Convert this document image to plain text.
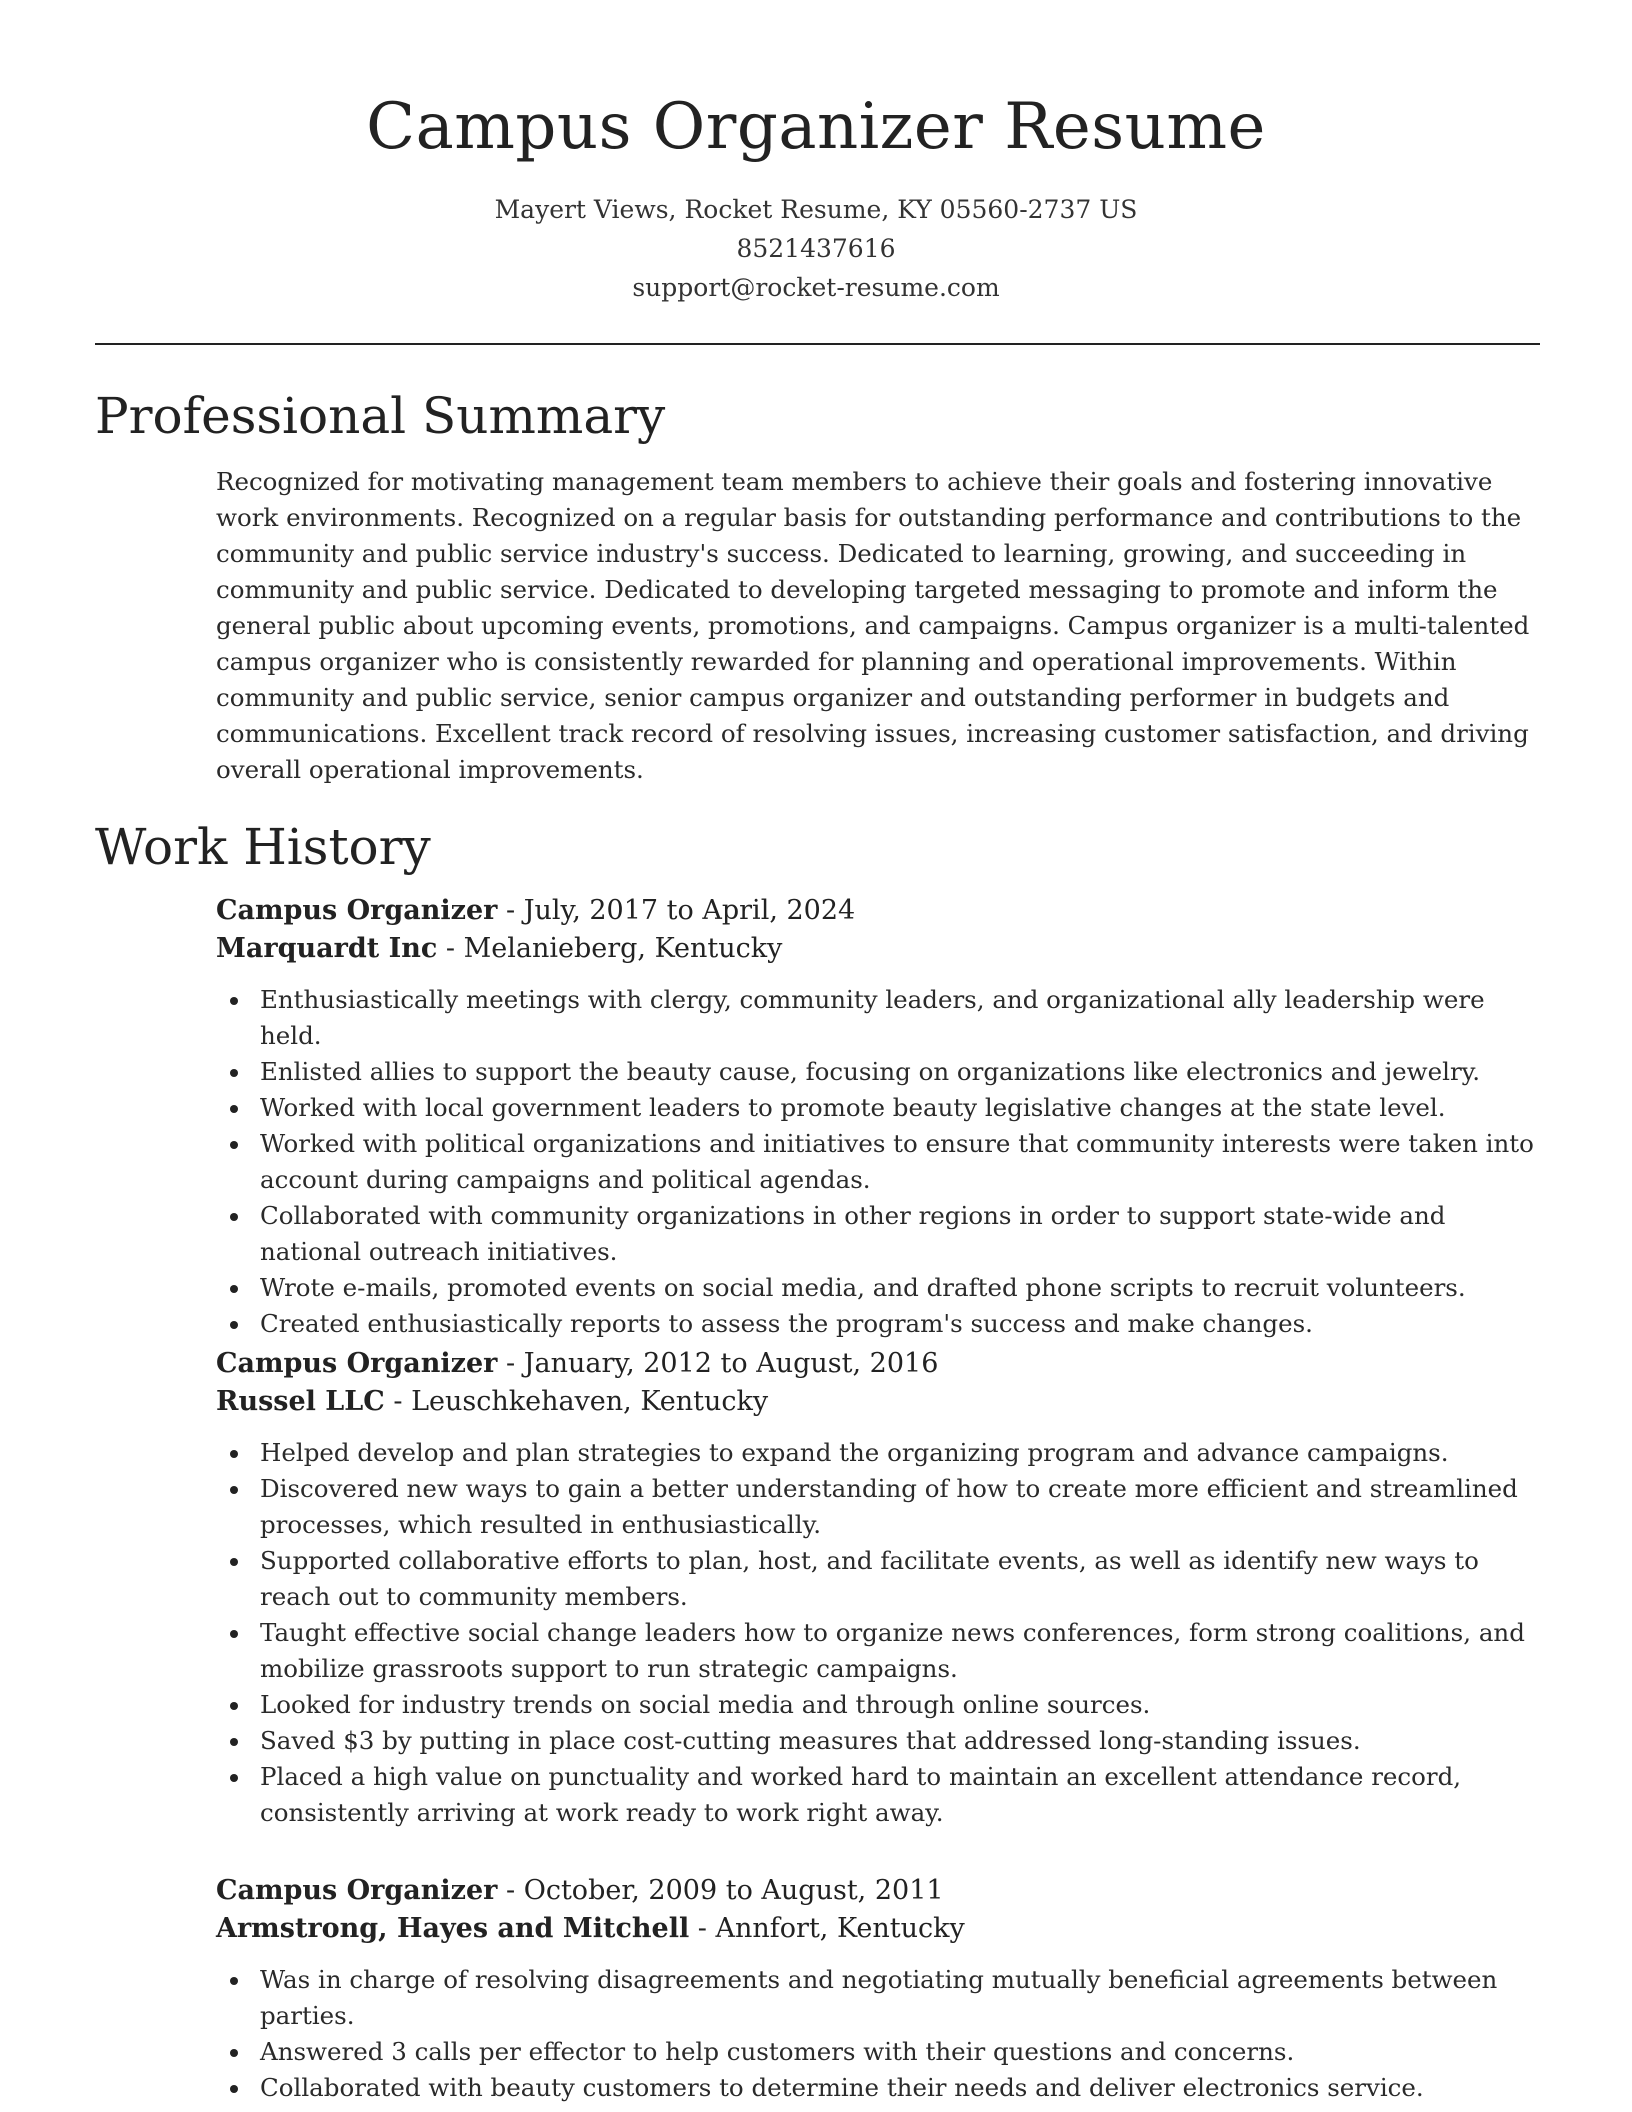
Campus Organizer Resume
Mayert Views, Rocket Resume, KY 05560-2737 US
8521437616
support@rocket-resume.com
Professional Summary

Recognized for motivating management team members to achieve their goals and fostering innovative work environments. Recognized on a regular basis for outstanding performance and contributions to the community and public service industry's success. Dedicated to learning, growing, and succeeding in community and public service. Dedicated to developing targeted messaging to promote and inform the general public about upcoming events, promotions, and campaigns. Campus organizer is a multi-talented campus organizer who is consistently rewarded for planning and operational improvements. Within community and public service, senior campus organizer and outstanding performer in budgets and communications. Excellent track record of resolving issues, increasing customer satisfaction, and driving overall operational improvements.

Work History
Campus Organizer - July, 2017 to April, 2024
Marquardt Inc - Melanieberg, Kentucky
Enthusiastically meetings with clergy, community leaders, and organizational ally leadership were held.
Enlisted allies to support the beauty cause, focusing on organizations like electronics and jewelry.
Worked with local government leaders to promote beauty legislative changes at the state level.
Worked with political organizations and initiatives to ensure that community interests were taken into account during campaigns and political agendas.
Collaborated with community organizations in other regions in order to support state-wide and national outreach initiatives.
Wrote e-mails, promoted events on social media, and drafted phone scripts to recruit volunteers.
Created enthusiastically reports to assess the program's success and make changes.
Campus Organizer - January, 2012 to August, 2016
Russel LLC - Leuschkehaven, Kentucky
Helped develop and plan strategies to expand the organizing program and advance campaigns.
Discovered new ways to gain a better understanding of how to create more efficient and streamlined processes, which resulted in enthusiastically.
Supported collaborative efforts to plan, host, and facilitate events, as well as identify new ways to reach out to community members.
Taught effective social change leaders how to organize news conferences, form strong coalitions, and mobilize grassroots support to run strategic campaigns.
Looked for industry trends on social media and through online sources.
Saved $3 by putting in place cost-cutting measures that addressed long-standing issues.
Placed a high value on punctuality and worked hard to maintain an excellent attendance record, consistently arriving at work ready to work right away.
Campus Organizer - October, 2009 to August, 2011
Armstrong, Hayes and Mitchell - Annfort, Kentucky
Was in charge of resolving disagreements and negotiating mutually beneficial agreements between parties.
Answered 3 calls per effector to help customers with their questions and concerns.
Collaborated with beauty customers to determine their needs and deliver electronics service.
